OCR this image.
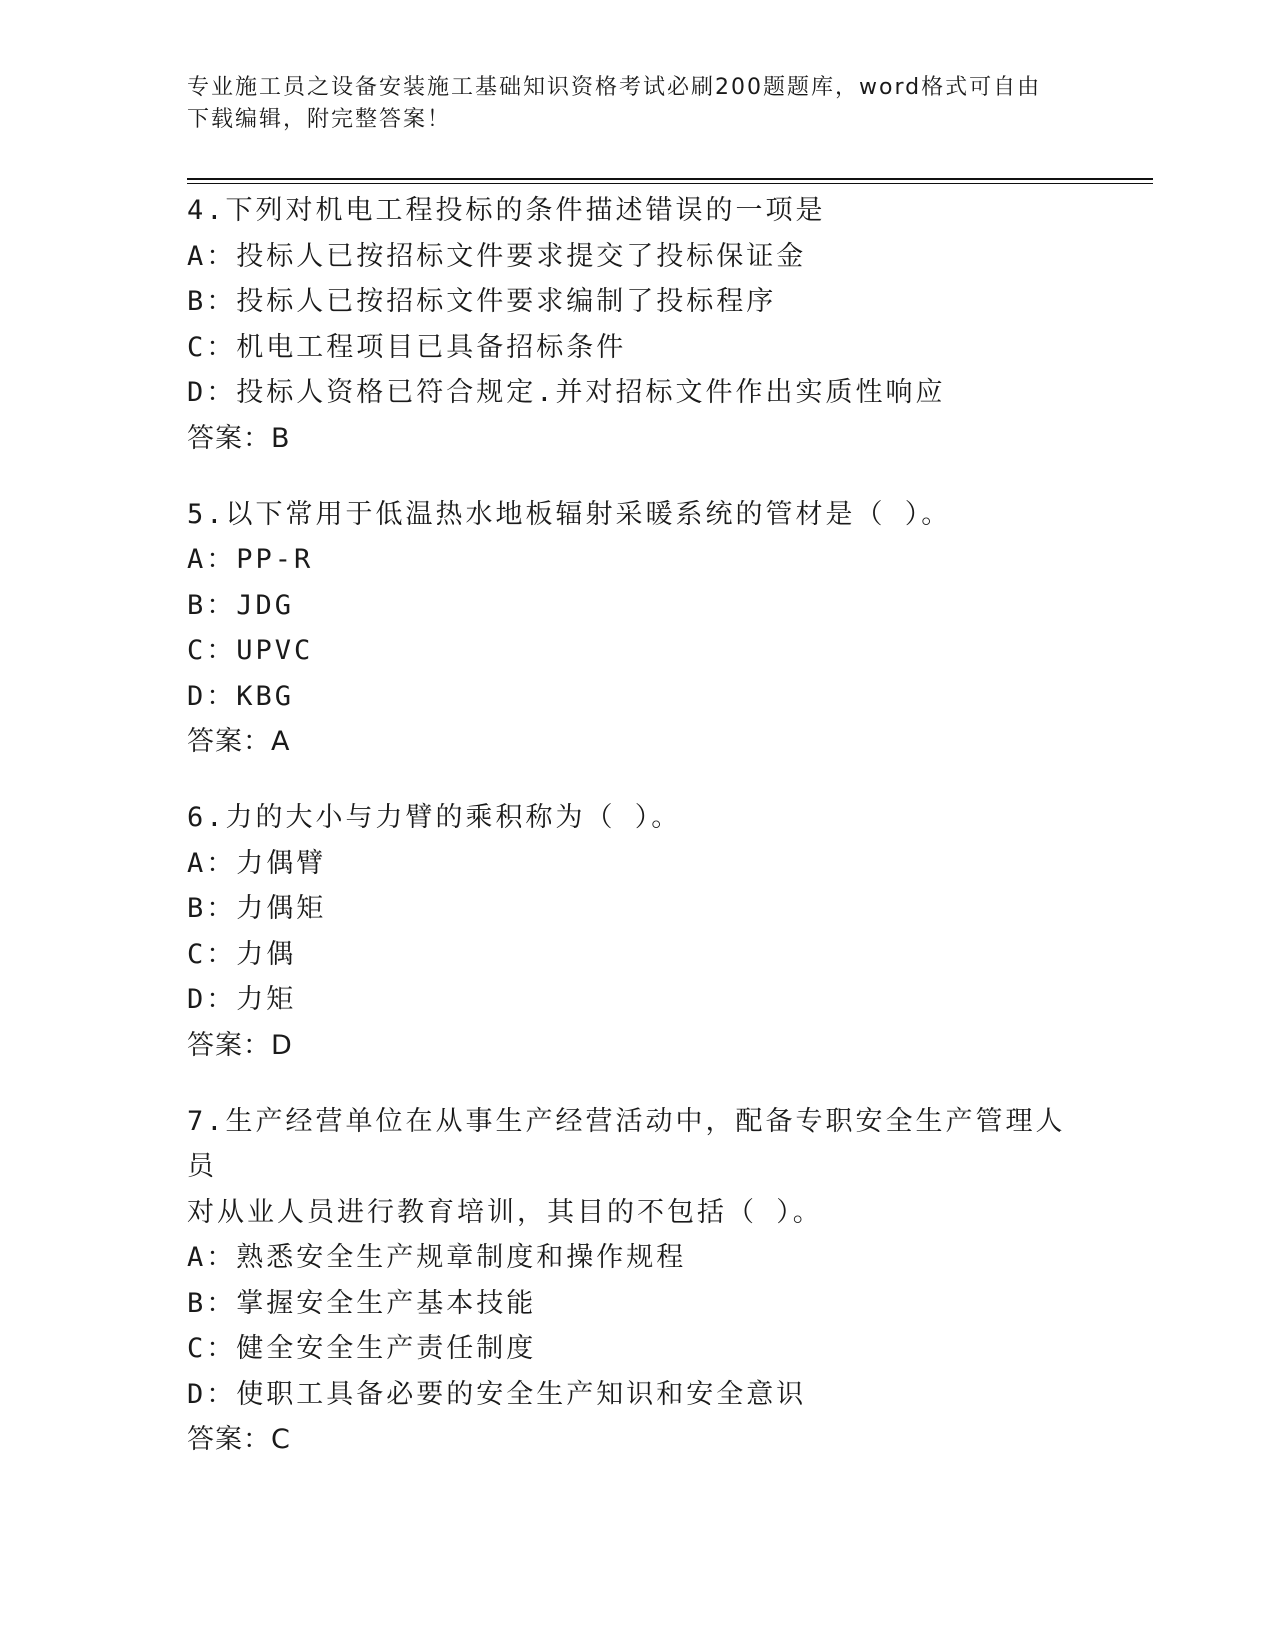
专业施工员之设备安装施工基础知识资格考试必刷200题题库，word格式可自由
下载编辑，附完整答案！
4.下列对机电工程投标的条件描述错误的一项是
A：投标人已按招标文件要求提交了投标保证金
B：投标人已按招标文件要求编制了投标程序
C：机电工程项目已具备招标条件
D：投标人资格已符合规定.并对招标文件作出实质性响应
答案：B
5.以下常用于低温热水地板辐射采暖系统的管材是（ ）。
A：PP-R
B：JDG
C：UPVC
D：KBG
答案：A
6.力的大小与力臂的乘积称为（ ）。
A：力偶臂
B：力偶矩
C：力偶
D：力矩
答案：D
7.生产经营单位在从事生产经营活动中，配备专职安全生产管理人员
对从业人员进行教育培训，其目的不包括（ ）。
A：熟悉安全生产规章制度和操作规程
B：掌握安全生产基本技能
C：健全安全生产责任制度
D：使职工具备必要的安全生产知识和安全意识
答案：C
